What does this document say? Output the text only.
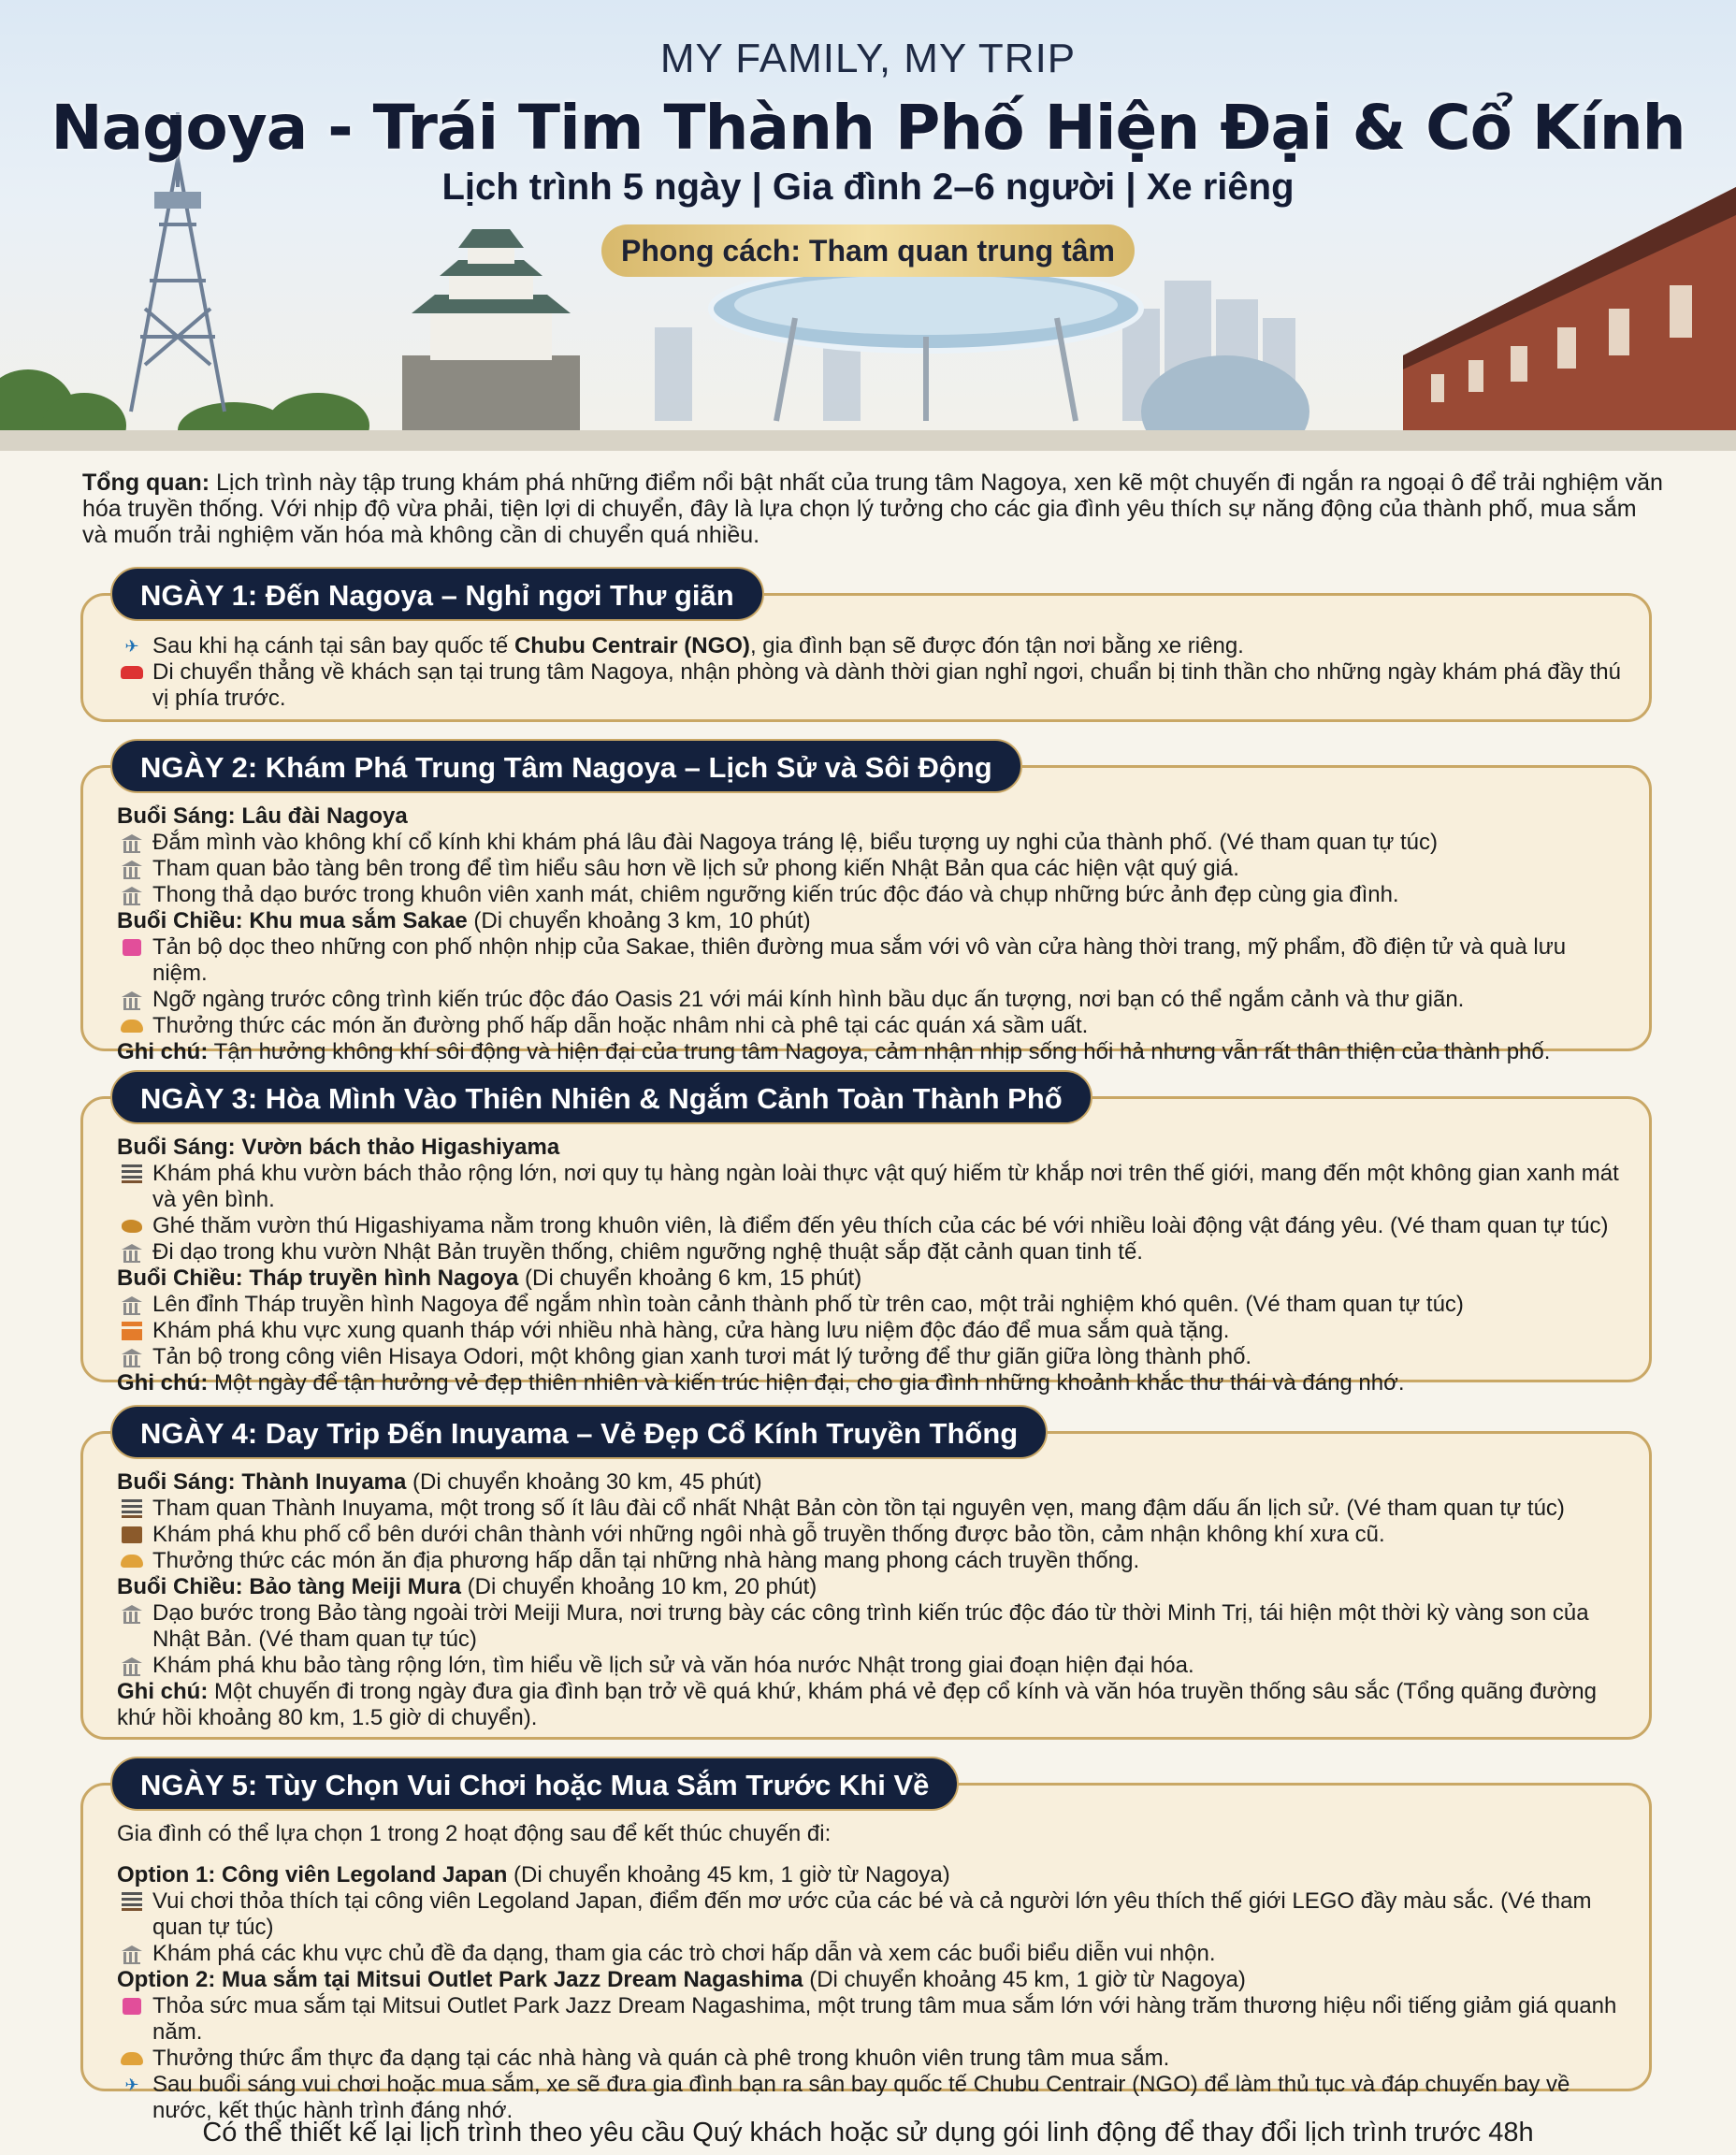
MY FAMILY, MY TRIP
Nagoya - Trái Tim Thành Phố Hiện Đại & Cổ Kính
Lịch trình 5 ngày | Gia đình 2–6 người | Xe riêng
Phong cách: Tham quan trung tâm
Tổng quan: Lịch trình này tập trung khám phá những điểm nổi bật nhất của trung tâm Nagoya, xen kẽ một chuyến đi ngắn ra ngoại ô để trải nghiệm văn hóa truyền thống. Với nhịp độ vừa phải, tiện lợi di chuyển, đây là lựa chọn lý tưởng cho các gia đình yêu thích sự năng động của thành phố, mua sắm và muốn trải nghiệm văn hóa mà không cần di chuyển quá nhiều.
✈ Sau khi hạ cánh tại sân bay quốc tế Chubu Centrair (NGO), gia đình bạn sẽ được đón tận nơi bằng xe riêng.
Di chuyển thẳng về khách sạn tại trung tâm Nagoya, nhận phòng và dành thời gian nghỉ ngơi, chuẩn bị tinh thần cho những ngày khám phá đầy thú vị phía trước.
NGÀY 1: Đến Nagoya – Nghỉ ngơi Thư giãn
Buổi Sáng: Lâu đài Nagoya
Đắm mình vào không khí cổ kính khi khám phá lâu đài Nagoya tráng lệ, biểu tượng uy nghi của thành phố. (Vé tham quan tự túc)
Tham quan bảo tàng bên trong để tìm hiểu sâu hơn về lịch sử phong kiến Nhật Bản qua các hiện vật quý giá.
Thong thả dạo bước trong khuôn viên xanh mát, chiêm ngưỡng kiến trúc độc đáo và chụp những bức ảnh đẹp cùng gia đình.
Buổi Chiều: Khu mua sắm Sakae (Di chuyển khoảng 3 km, 10 phút)
Tản bộ dọc theo những con phố nhộn nhịp của Sakae, thiên đường mua sắm với vô vàn cửa hàng thời trang, mỹ phẩm, đồ điện tử và quà lưu niệm.
Ngỡ ngàng trước công trình kiến trúc độc đáo Oasis 21 với mái kính hình bầu dục ấn tượng, nơi bạn có thể ngắm cảnh và thư giãn.
Thưởng thức các món ăn đường phố hấp dẫn hoặc nhâm nhi cà phê tại các quán xá sầm uất.
Ghi chú: Tận hưởng không khí sôi động và hiện đại của trung tâm Nagoya, cảm nhận nhịp sống hối hả nhưng vẫn rất thân thiện của thành phố.
NGÀY 2: Khám Phá Trung Tâm Nagoya – Lịch Sử và Sôi Động
Buổi Sáng: Vườn bách thảo Higashiyama
Khám phá khu vườn bách thảo rộng lớn, nơi quy tụ hàng ngàn loài thực vật quý hiếm từ khắp nơi trên thế giới, mang đến một không gian xanh mát và yên bình.
Ghé thăm vườn thú Higashiyama nằm trong khuôn viên, là điểm đến yêu thích của các bé với nhiều loài động vật đáng yêu. (Vé tham quan tự túc)
Đi dạo trong khu vườn Nhật Bản truyền thống, chiêm ngưỡng nghệ thuật sắp đặt cảnh quan tinh tế.
Buổi Chiều: Tháp truyền hình Nagoya (Di chuyển khoảng 6 km, 15 phút)
Lên đỉnh Tháp truyền hình Nagoya để ngắm nhìn toàn cảnh thành phố từ trên cao, một trải nghiệm khó quên. (Vé tham quan tự túc)
Khám phá khu vực xung quanh tháp với nhiều nhà hàng, cửa hàng lưu niệm độc đáo để mua sắm quà tặng.
Tản bộ trong công viên Hisaya Odori, một không gian xanh tươi mát lý tưởng để thư giãn giữa lòng thành phố.
Ghi chú: Một ngày để tận hưởng vẻ đẹp thiên nhiên và kiến trúc hiện đại, cho gia đình những khoảnh khắc thư thái và đáng nhớ.
NGÀY 3: Hòa Mình Vào Thiên Nhiên & Ngắm Cảnh Toàn Thành Phố
Buổi Sáng: Thành Inuyama (Di chuyển khoảng 30 km, 45 phút)
Tham quan Thành Inuyama, một trong số ít lâu đài cổ nhất Nhật Bản còn tồn tại nguyên vẹn, mang đậm dấu ấn lịch sử. (Vé tham quan tự túc)
Khám phá khu phố cổ bên dưới chân thành với những ngôi nhà gỗ truyền thống được bảo tồn, cảm nhận không khí xưa cũ.
Thưởng thức các món ăn địa phương hấp dẫn tại những nhà hàng mang phong cách truyền thống.
Buổi Chiều: Bảo tàng Meiji Mura (Di chuyển khoảng 10 km, 20 phút)
Dạo bước trong Bảo tàng ngoài trời Meiji Mura, nơi trưng bày các công trình kiến trúc độc đáo từ thời Minh Trị, tái hiện một thời kỳ vàng son của Nhật Bản. (Vé tham quan tự túc)
Khám phá khu bảo tàng rộng lớn, tìm hiểu về lịch sử và văn hóa nước Nhật trong giai đoạn hiện đại hóa.
Ghi chú: Một chuyến đi trong ngày đưa gia đình bạn trở về quá khứ, khám phá vẻ đẹp cổ kính và văn hóa truyền thống sâu sắc (Tổng quãng đường khứ hồi khoảng 80 km, 1.5 giờ di chuyển).
NGÀY 4: Day Trip Đến Inuyama – Vẻ Đẹp Cổ Kính Truyền Thống
Gia đình có thể lựa chọn 1 trong 2 hoạt động sau để kết thúc chuyến đi:
Option 1: Công viên Legoland Japan (Di chuyển khoảng 45 km, 1 giờ từ Nagoya)
Vui chơi thỏa thích tại công viên Legoland Japan, điểm đến mơ ước của các bé và cả người lớn yêu thích thế giới LEGO đầy màu sắc. (Vé tham quan tự túc)
Khám phá các khu vực chủ đề đa dạng, tham gia các trò chơi hấp dẫn và xem các buổi biểu diễn vui nhộn.
Option 2: Mua sắm tại Mitsui Outlet Park Jazz Dream Nagashima (Di chuyển khoảng 45 km, 1 giờ từ Nagoya)
Thỏa sức mua sắm tại Mitsui Outlet Park Jazz Dream Nagashima, một trung tâm mua sắm lớn với hàng trăm thương hiệu nổi tiếng giảm giá quanh năm.
Thưởng thức ẩm thực đa dạng tại các nhà hàng và quán cà phê trong khuôn viên trung tâm mua sắm.
✈ Sau buổi sáng vui chơi hoặc mua sắm, xe sẽ đưa gia đình bạn ra sân bay quốc tế Chubu Centrair (NGO) để làm thủ tục và đáp chuyến bay về nước, kết thúc hành trình đáng nhớ.
NGÀY 5: Tùy Chọn Vui Chơi hoặc Mua Sắm Trước Khi Về
Có thể thiết kế lại lịch trình theo yêu cầu Quý khách hoặc sử dụng gói linh động để thay đổi lịch trình trước 48h
